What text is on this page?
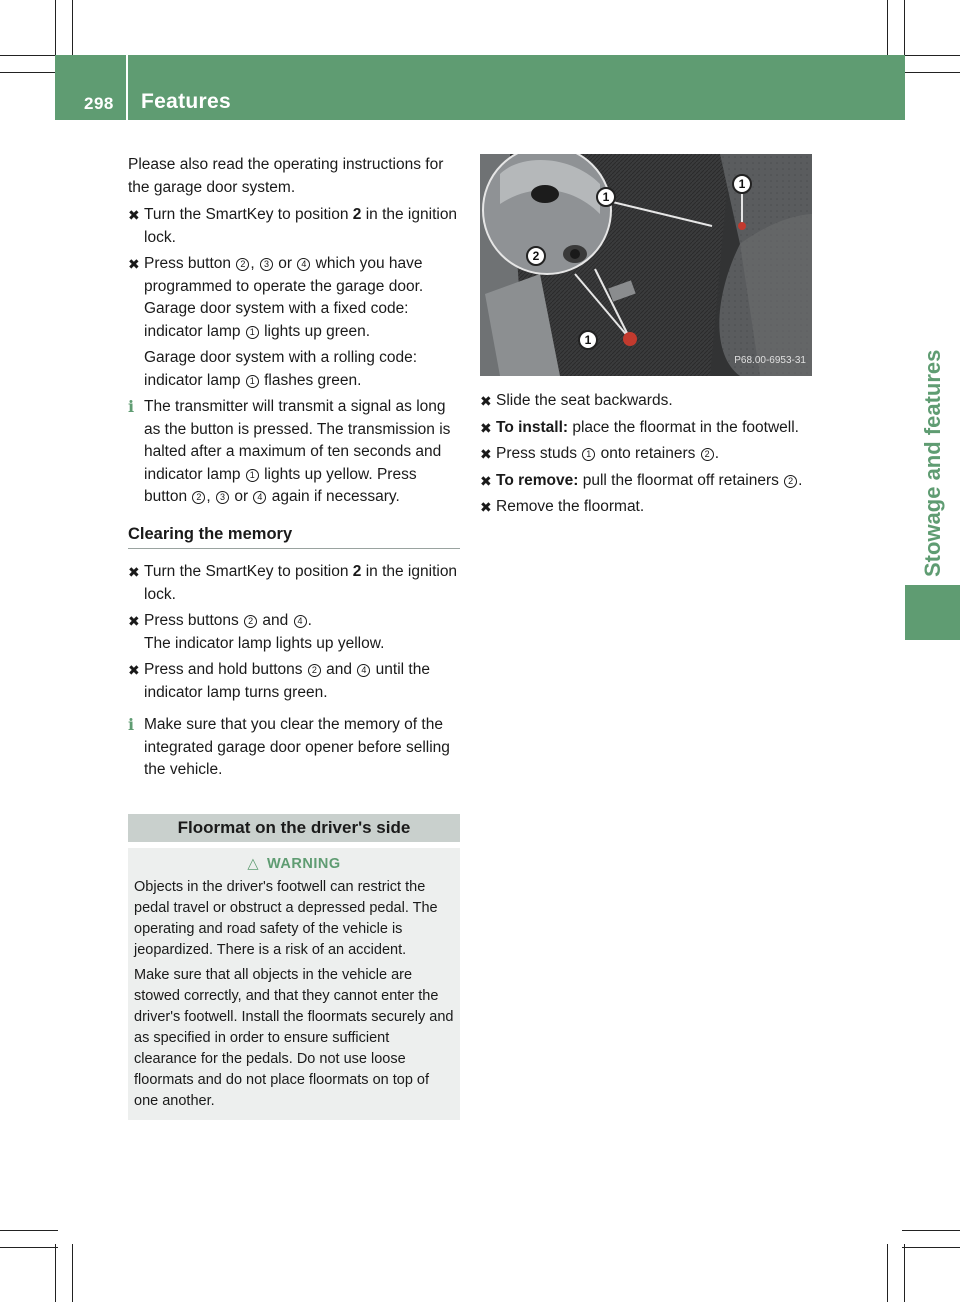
298 Features
Stowage and features

Please also read the operating instructions for the garage door system.

✖ Turn the SmartKey to position 2 in the ignition lock.
✖ Press button 2 , 3 or 4 which you have programmed to operate the garage door.
Garage door system with a fixed code: indicator lamp 1 lights up green.
Garage door system with a rolling code: indicator lamp 1 flashes green.
i The transmitter will transmit a signal as long as the button is pressed. The transmission is halted after a maximum of ten seconds and indicator lamp 1 lights up yellow. Press button 2 , 3 or 4 again if necessary.
Clearing the memory
✖ Turn the SmartKey to position 2 in the ignition lock.
✖ Press buttons 2 and 4 .
The indicator lamp lights up yellow.
✖ Press and hold buttons 2 and 4 until the indicator lamp turns green.
i Make sure that you clear the memory of the integrated garage door opener before selling the vehicle.
Floormat on the driver's side
△ WARNING

Objects in the driver's footwell can restrict the pedal travel or obstruct a depressed pedal. The operating and road safety of the vehicle is jeopardized. There is a risk of an accident.

Make sure that all objects in the vehicle are stowed correctly, and that they cannot enter the driver's footwell. Install the floormats securely and as specified in order to ensure sufficient clearance for the pedals. Do not use loose floormats and do not place floormats on top of one another.

1
2
1
1
P68.00-6953-31
✖ Slide the seat backwards.
✖ To install: place the floormat in the footwell.
✖ Press studs 1 onto retainers 2 .
✖ To remove: pull the floormat off retainers 2 .
✖ Remove the floormat.
